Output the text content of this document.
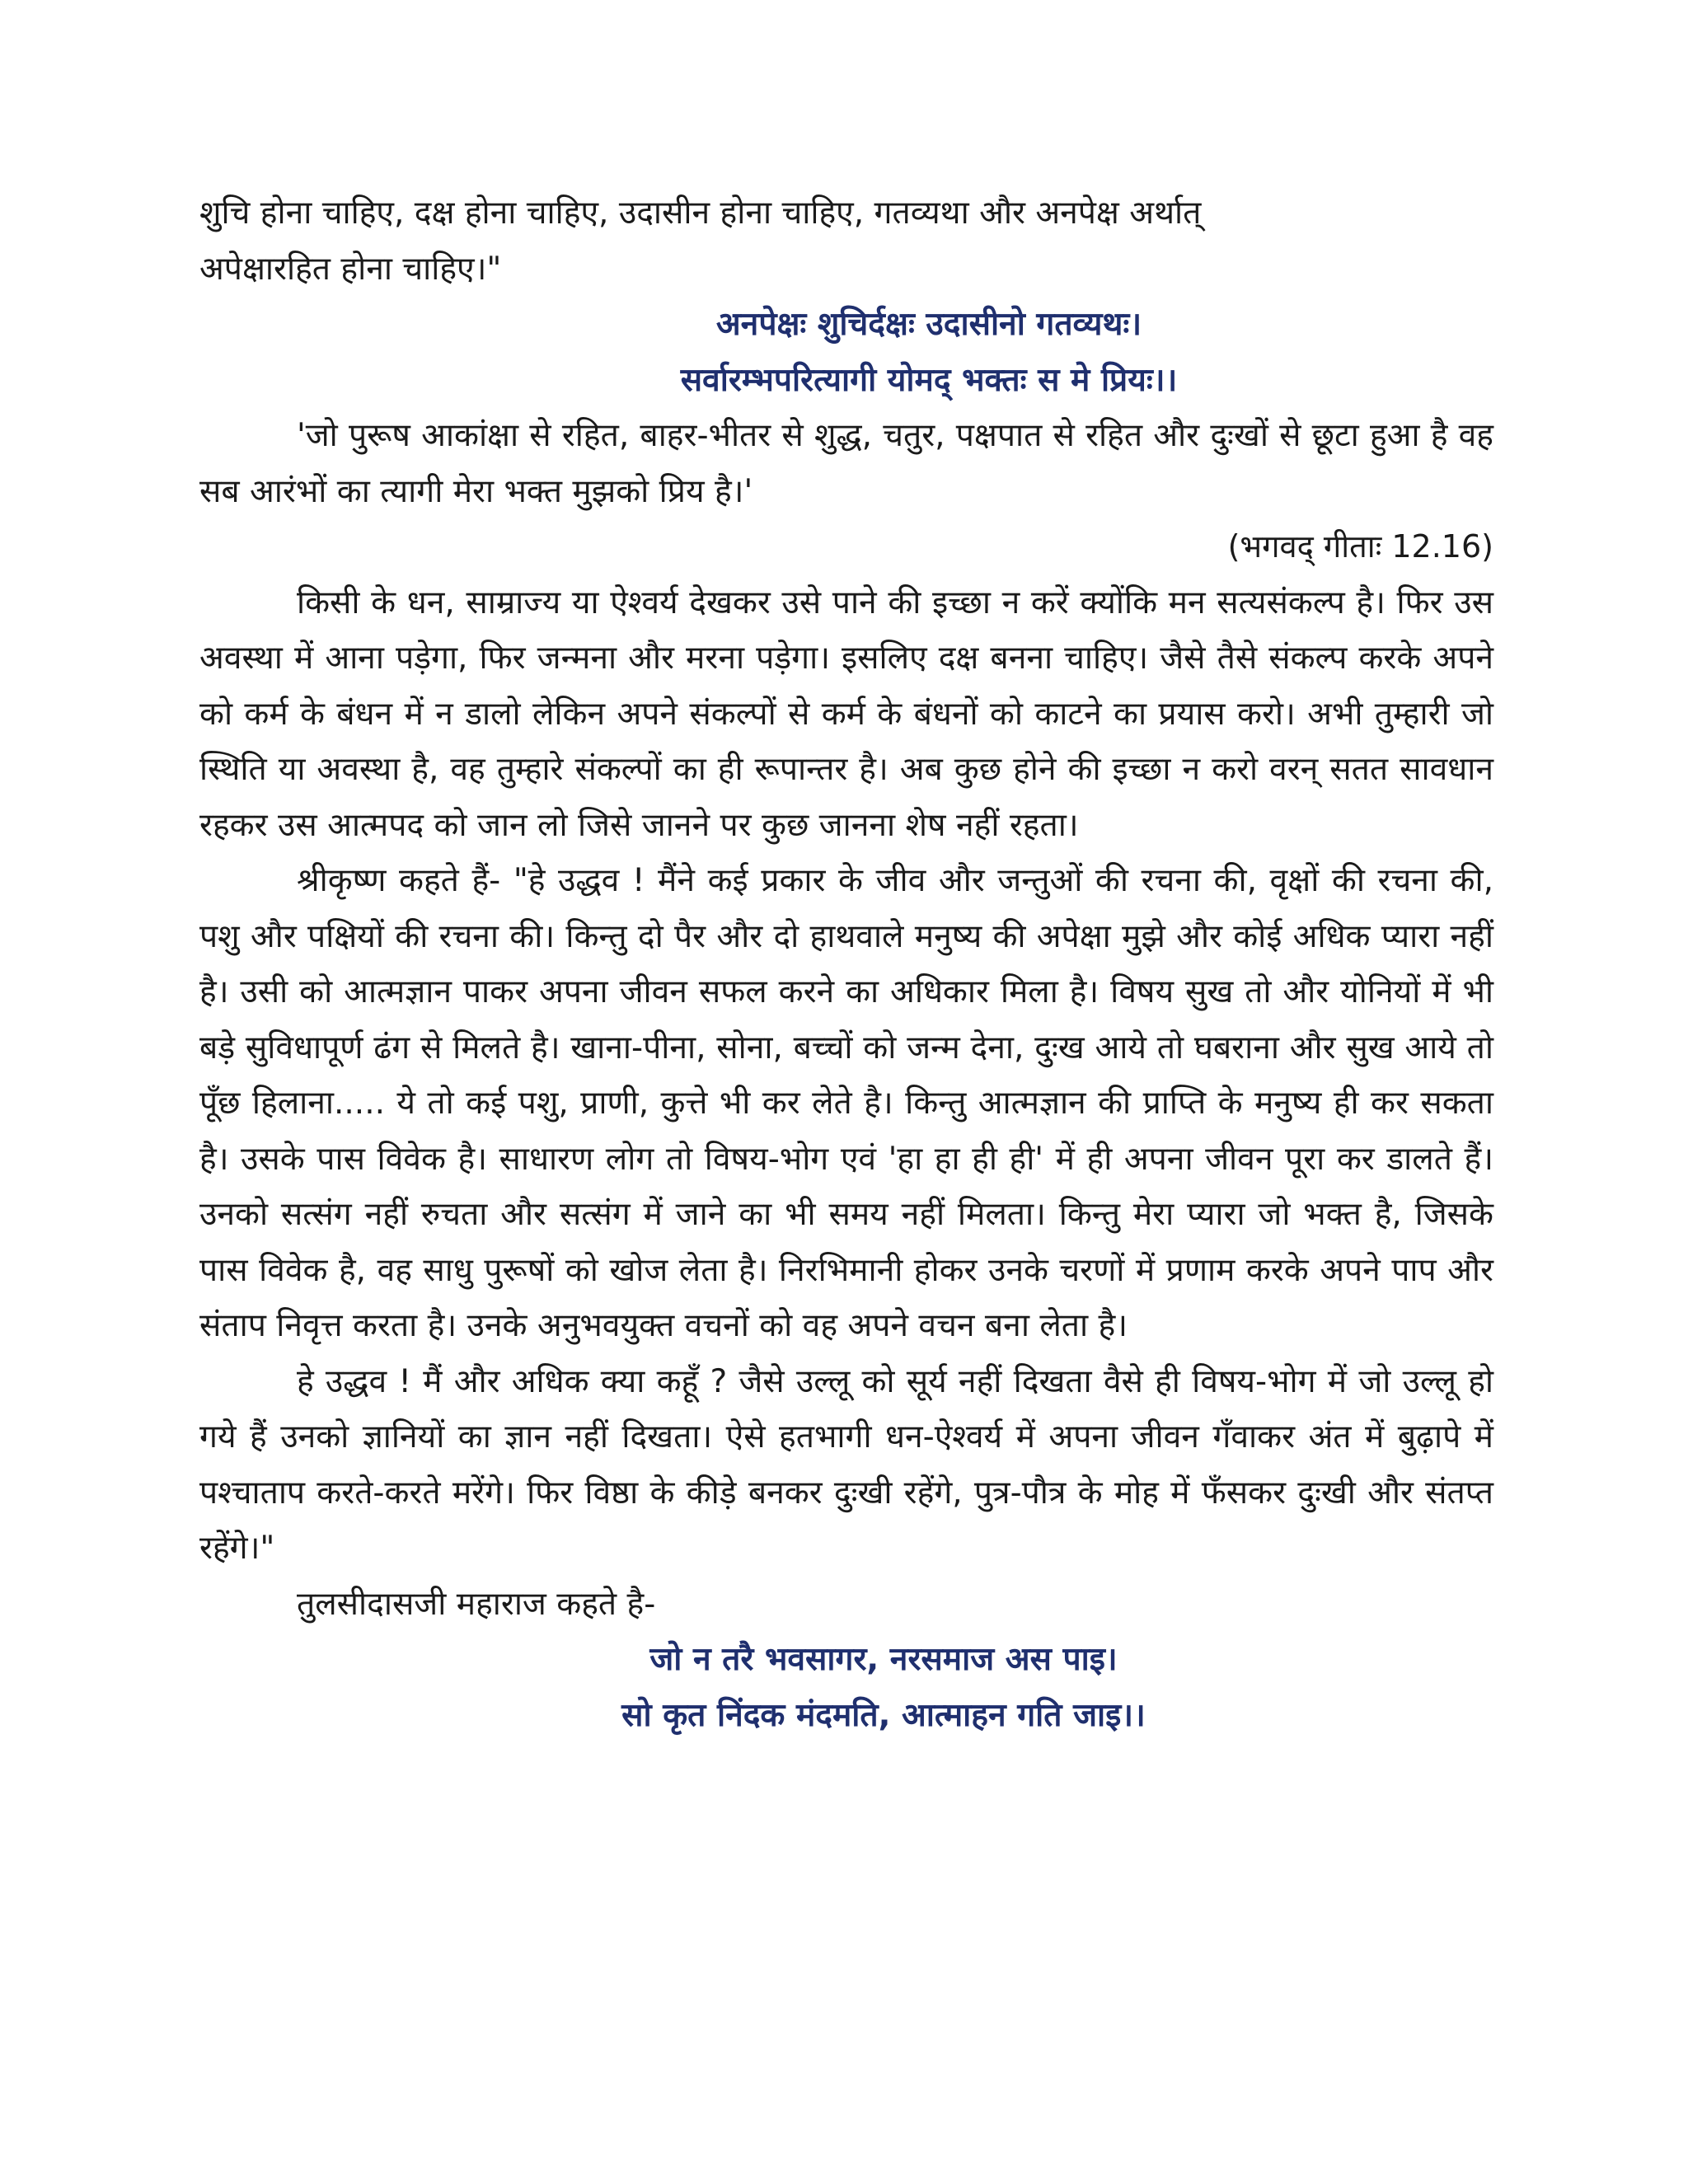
शुचि होना चाहिए, दक्ष होना चाहिए, उदासीन होना चाहिए, गतव्यथा और अनपेक्ष अर्थात्

अपेक्षारहित होना चाहिए।"

अनपेक्षः शुचिर्दक्षः उदासीनो गतव्यथः।

सर्वारम्भपरित्यागी योमद् भक्तः स मे प्रियः।।

'जो पुरूष आकांक्षा से रहित, बाहर-भीतर से शुद्ध, चतुर, पक्षपात से रहित और दुःखों से छूटा हुआ है वह सब आरंभों का त्यागी मेरा भक्त मुझको प्रिय है।'

(भगवद् गीताः 12.16)

किसी के धन, साम्राज्य या ऐश्वर्य देखकर उसे पाने की इच्छा न करें क्योंकि मन सत्यसंकल्प है। फिर उस अवस्था में आना पड़ेगा, फिर जन्मना और मरना पड़ेगा। इसलिए दक्ष बनना चाहिए। जैसे तैसे संकल्प करके अपने को कर्म के बंधन में न डालो लेकिन अपने संकल्पों से कर्म के बंधनों को काटने का प्रयास करो। अभी तुम्हारी जो स्थिति या अवस्था है, वह तुम्हारे संकल्पों का ही रूपान्तर है। अब कुछ होने की इच्छा न करो वरन् सतत सावधान रहकर उस आत्मपद को जान लो जिसे जानने पर कुछ जानना शेष नहीं रहता।

श्रीकृष्ण कहते हैं- "हे उद्धव ! मैंने कई प्रकार के जीव और जन्तुओं की रचना की, वृक्षों की रचना की, पशु और पक्षियों की रचना की। किन्तु दो पैर और दो हाथवाले मनुष्य की अपेक्षा मुझे और कोई अधिक प्यारा नहीं है। उसी को आत्मज्ञान पाकर अपना जीवन सफल करने का अधिकार मिला है। विषय सुख तो और योनियों में भी बड़े सुविधापूर्ण ढंग से मिलते है। खाना-पीना, सोना, बच्चों को जन्म देना, दुःख आये तो घबराना और सुख आये तो पूँछ हिलाना..... ये तो कई पशु, प्राणी, कुत्ते भी कर लेते है। किन्तु आत्मज्ञान की प्राप्ति के मनुष्य ही कर सकता है। उसके पास विवेक है। साधारण लोग तो विषय-भोग एवं 'हा हा ही ही' में ही अपना जीवन पूरा कर डालते हैं। उनको सत्संग नहीं रुचता और सत्संग में जाने का भी समय नहीं मिलता। किन्तु मेरा प्यारा जो भक्त है, जिसके पास विवेक है, वह साधु पुरूषों को खोज लेता है। निरभिमानी होकर उनके चरणों में प्रणाम करके अपने पाप और संताप निवृत्त करता है। उनके अनुभवयुक्त वचनों को वह अपने वचन बना लेता है।

हे उद्धव ! मैं और अधिक क्या कहूँ ? जैसे उल्लू को सूर्य नहीं दिखता वैसे ही विषय-भोग में जो उल्लू हो गये हैं उनको ज्ञानियों का ज्ञान नहीं दिखता। ऐसे हतभागी धन-ऐश्वर्य में अपना जीवन गँवाकर अंत में बुढ़ापे में पश्चाताप करते-करते मरेंगे। फिर विष्ठा के कीड़े बनकर दुःखी रहेंगे, पुत्र-पौत्र के मोह में फँसकर दुःखी और संतप्त रहेंगे।"

तुलसीदासजी महाराज कहते है-

जो न तरै भवसागर, नरसमाज अस पाइ।

सो कृत निंदक मंदमति, आत्माहन गति जाइ।।
